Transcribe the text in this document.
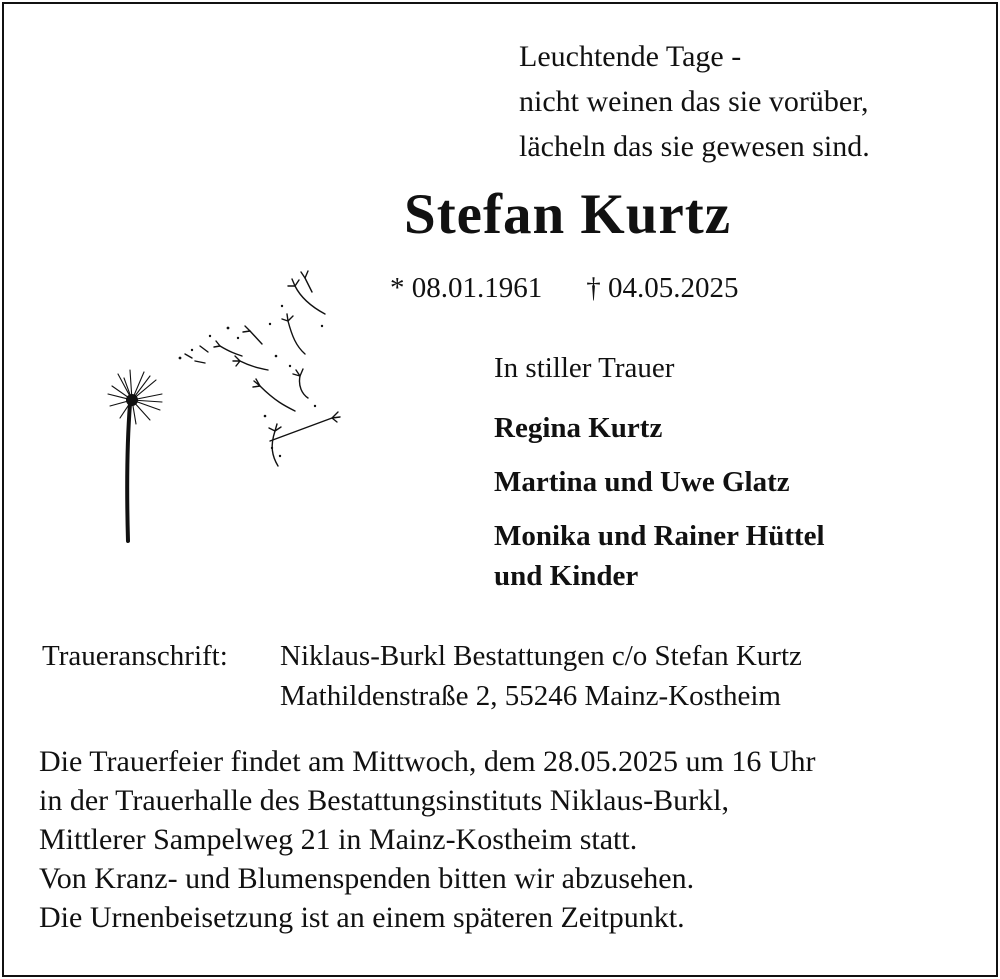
Leuchtende Tage -
nicht weinen das sie vorüber,
lächeln das sie gewesen sind.
Stefan Kurtz
* 08.01.1961 † 04.05.2025
In stiller Trauer
Regina Kurtz
Martina und Uwe Glatz
Monika und Rainer Hüttel
und Kinder
Traueranschrift: Niklaus-Burkl Bestattungen c/o Stefan Kurtz
Mathildenstraße 2, 55246 Mainz-Kostheim
Die Trauerfeier findet am Mittwoch, dem 28.05.2025 um 16 Uhr
in der Trauerhalle des Bestattungsinstituts Niklaus-Burkl,
Mittlerer Sampelweg 21 in Mainz-Kostheim statt.
Von Kranz- und Blumenspenden bitten wir abzusehen.
Die Urnenbeisetzung ist an einem späteren Zeitpunkt.
